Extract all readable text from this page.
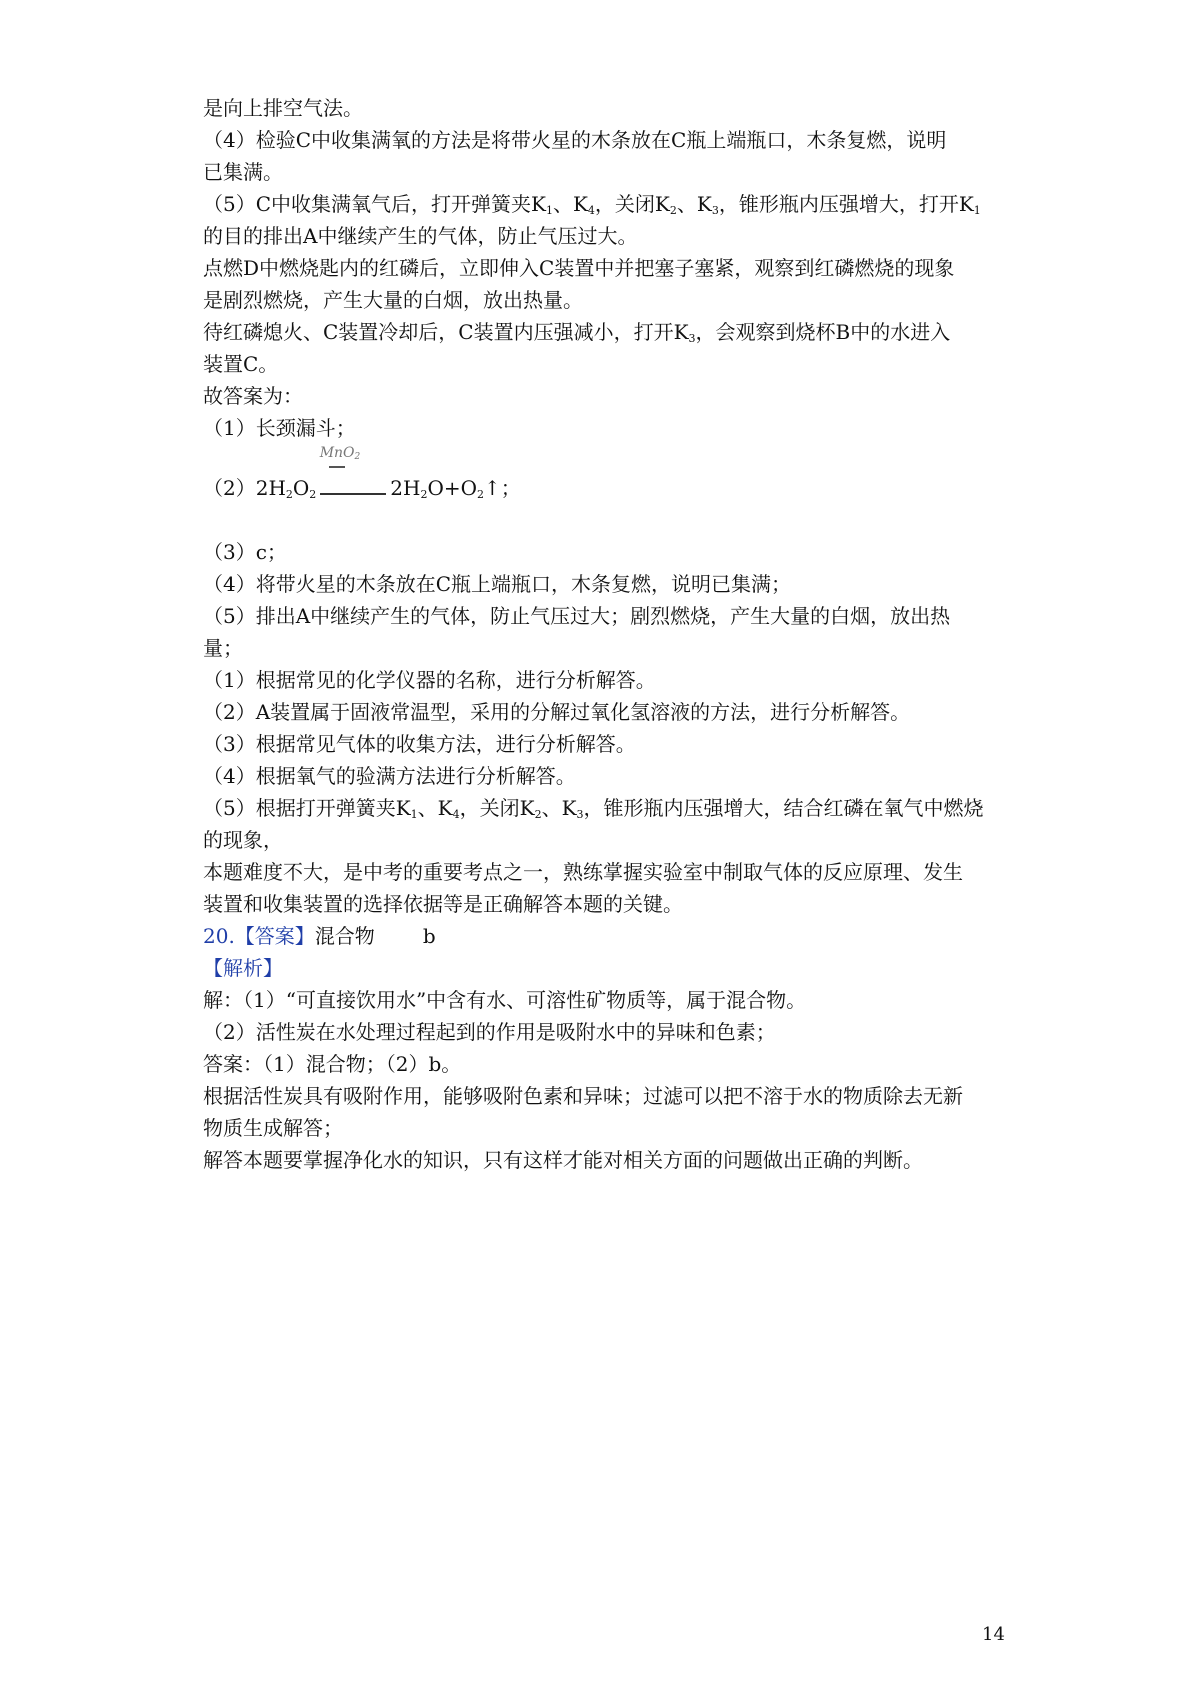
是向上排空气法。
（4）检验C中收集满氧的方法是将带火星的木条放在C瓶上端瓶口，木条复燃，说明
已集满。
（5）C中收集满氧气后，打开弹簧夹$K_1$、$K_4$，关闭$K_2$、$K_3$，锥形瓶内压强增大，打开$K_1$
的目的排出A中继续产生的气体，防止气压过大。
点燃D中燃烧匙内的红磷后，立即伸入C装置中并把塞子塞紧，观察到红磷燃烧的现象
是剧烈燃烧，产生大量的白烟，放出热量。
待红磷熄火、C装置冷却后，C装置内压强减小，打开$K_3$，会观察到烧杯B中的水进入
装置C。
故答案为：
（1）长颈漏斗；
MnO$_2$
$(2)2H_2O_2$	$2H_2O+O_2↑$；
（3）c；
（4）将带火星的木条放在C瓶上端瓶口，木条复燃，说明已集满；
（5）排出A中继续产生的气体，防止气压过大；剧烈燃烧，产生大量的白烟，放出热
量；
（1）根据常见的化学仪器的名称，进行分析解答。
（2）A装置属于固液常温型，采用的分解过氧化氢溶液的方法，进行分析解答。
（3）根据常见气体的收集方法，进行分析解答。
（4）根据氧气的验满方法进行分析解答。
（5）根据打开弹簧夹$K_1$、$K_4$，关闭$K_2$、$K_3$，锥形瓶内压强增大，结合红磷在氧气中燃烧
的现象，
本题难度不大，是中考的重要考点之一，熟练掌握实验室中制取气体的反应原理、发生
装置和收集装置的选择依据等是正确解答本题的关键。
20.【答案】混合物 b
【解析】
解：（1）“可直接饮用水”中含有水、可溶性矿物质等，属于混合物。
（2）活性炭在水处理过程起到的作用是吸附水中的异味和色素；
答案：（1）混合物；（2）b。
根据活性炭具有吸附作用，能够吸附色素和异味；过滤可以把不溶于水的物质除去无新
物质生成解答；
解答本题要掌握净化水的知识，只有这样才能对相关方面的问题做出正确的判断。
14
